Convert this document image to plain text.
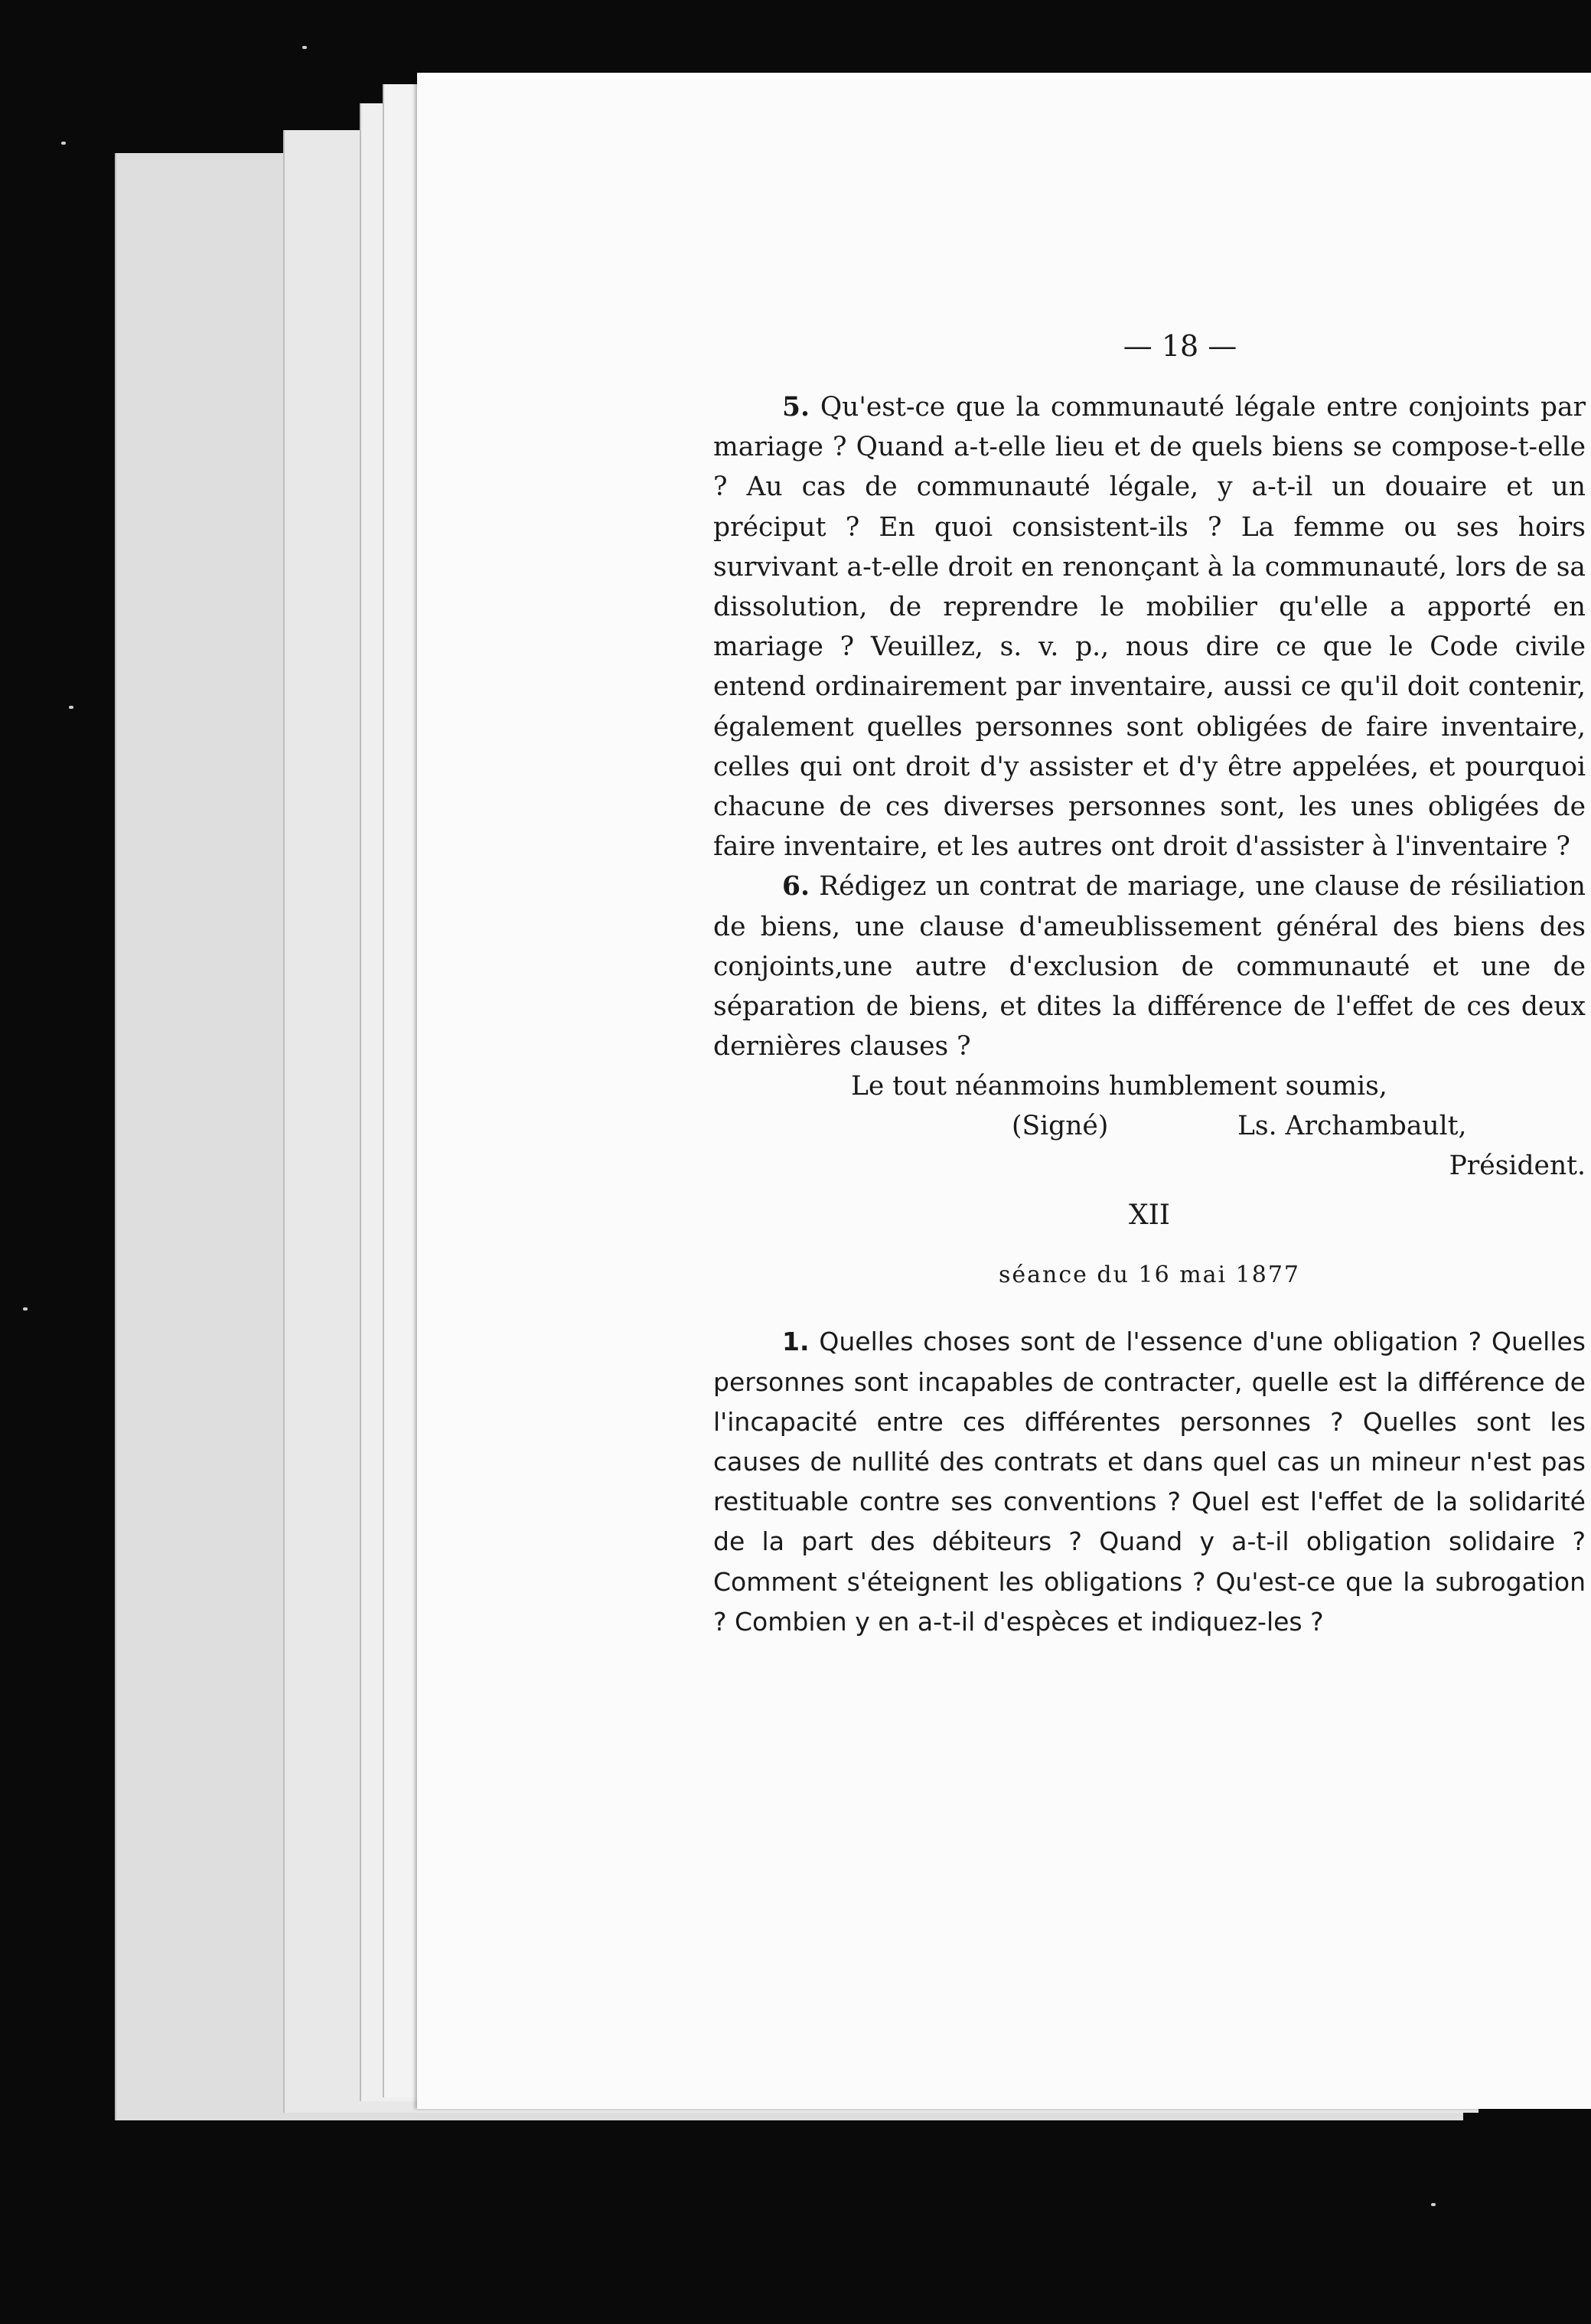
— 18 —

5. Qu'est-ce que la communauté légale entre conjoints par mariage ? Quand a-t-elle lieu et de quels biens se compose-t-elle ? Au cas de communauté légale, y a-t-il un douaire et un préciput ? En quoi consistent-ils ? La femme ou ses hoirs survivant a-t-elle droit en renonçant à la communauté, lors de sa dissolution, de reprendre le mobilier qu'elle a apporté en mariage ? Veuillez, s. v. p., nous dire ce que le Code civile entend ordinairement par inventaire, aussi ce qu'il doit contenir, également quelles personnes sont obligées de faire inventaire, celles qui ont droit d'y assister et d'y être appelées, et pourquoi chacune de ces diverses personnes sont, les unes obligées de faire inventaire, et les autres ont droit d'assister à l'inventaire ?

6. Rédigez un contrat de mariage, une clause de résiliation de biens, une clause d'ameublissement général des biens des conjoints,une autre d'exclusion de communauté et une de séparation de biens, et dites la différence de l'effet de ces deux dernières clauses ?

Le tout néanmoins humblement soumis,

(Signé)	Ls. Archambault,

Président.

XII
séance du 16 mai 1877

1. Quelles choses sont de l'essence d'une obligation ? Quelles personnes sont incapables de contracter, quelle est la différence de l'incapacité entre ces différentes personnes ? Quelles sont les causes de nullité des contrats et dans quel cas un mineur n'est pas restituable contre ses conventions ? Quel est l'effet de la solidarité de la part des débiteurs ? Quand y a-t-il obligation solidaire ? Comment s'éteignent les obligations ? Qu'est-ce que la subrogation ? Combien y en a-t-il d'espèces et indiquez-les ?
